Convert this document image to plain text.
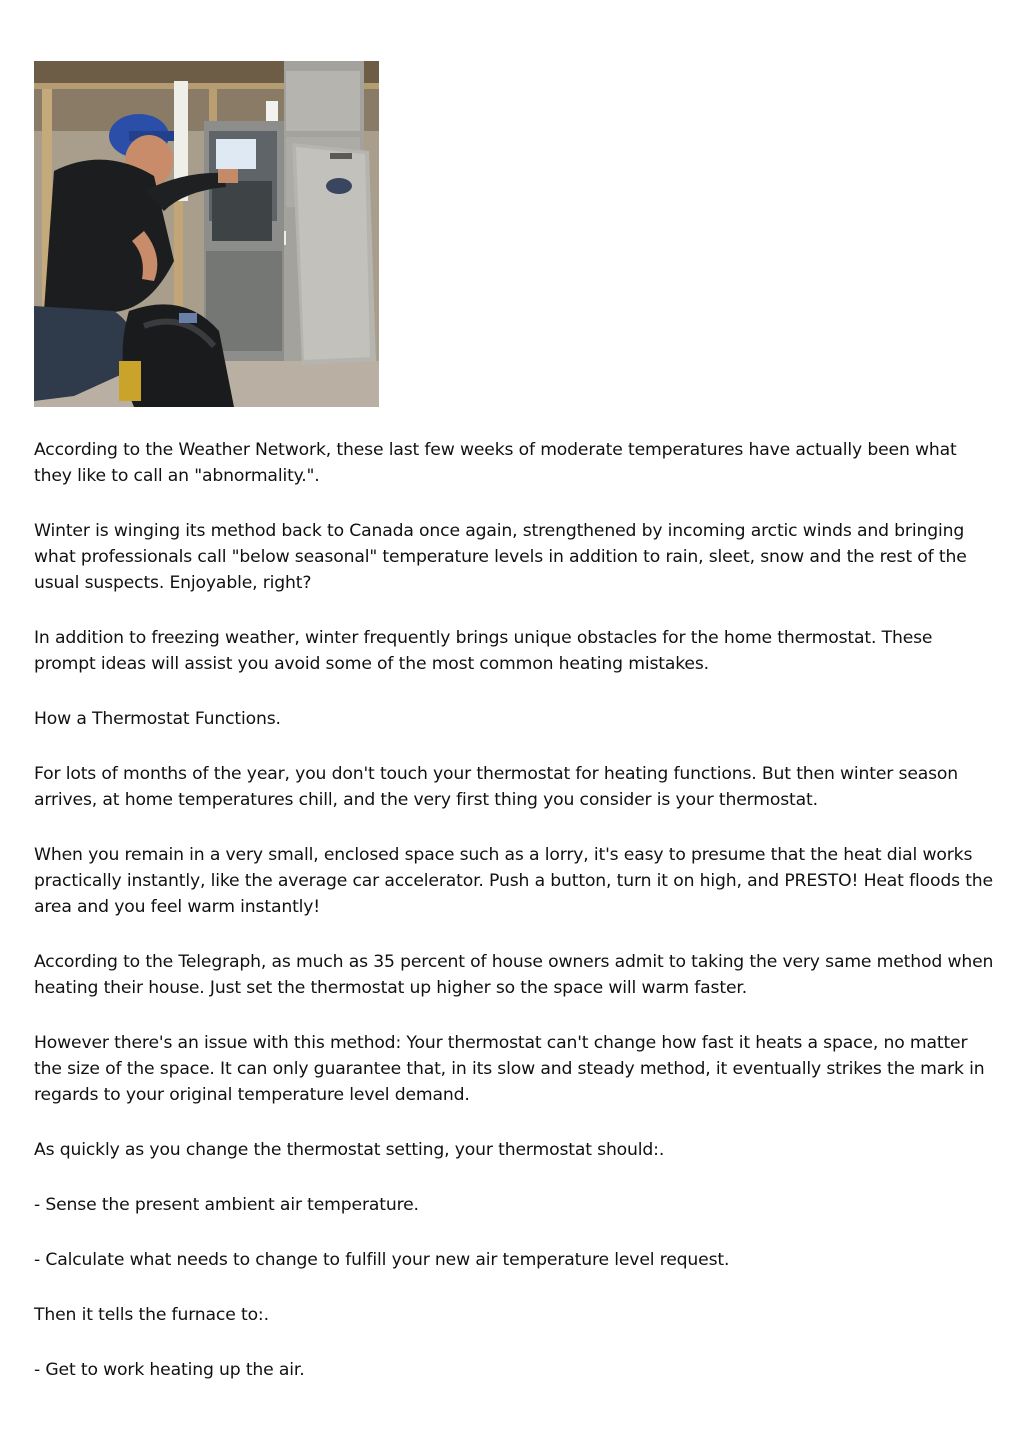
According to the Weather Network, these last few weeks of moderate temperatures have actually been what they like to call an "abnormality.".

Winter is winging its method back to Canada once again, strengthened by incoming arctic winds and bringing what professionals call "below seasonal" temperature levels in addition to rain, sleet, snow and the rest of the usual suspects. Enjoyable, right?

In addition to freezing weather, winter frequently brings unique obstacles for the home thermostat. These prompt ideas will assist you avoid some of the most common heating mistakes.

How a Thermostat Functions.

For lots of months of the year, you don't touch your thermostat for heating functions. But then winter season arrives, at home temperatures chill, and the very first thing you consider is your thermostat.

When you remain in a very small, enclosed space such as a lorry, it's easy to presume that the heat dial works practically instantly, like the average car accelerator. Push a button, turn it on high, and PRESTO! Heat floods the area and you feel warm instantly!

According to the Telegraph, as much as 35 percent of house owners admit to taking the very same method when heating their house. Just set the thermostat up higher so the space will warm faster.

However there's an issue with this method: Your thermostat can't change how fast it heats a space, no matter the size of the space. It can only guarantee that, in its slow and steady method, it eventually strikes the mark in regards to your original temperature level demand.

As quickly as you change the thermostat setting, your thermostat should:.

- Sense the present ambient air temperature.

- Calculate what needs to change to fulfill your new air temperature level request.

Then it tells the furnace to:.

- Get to work heating up the air.
